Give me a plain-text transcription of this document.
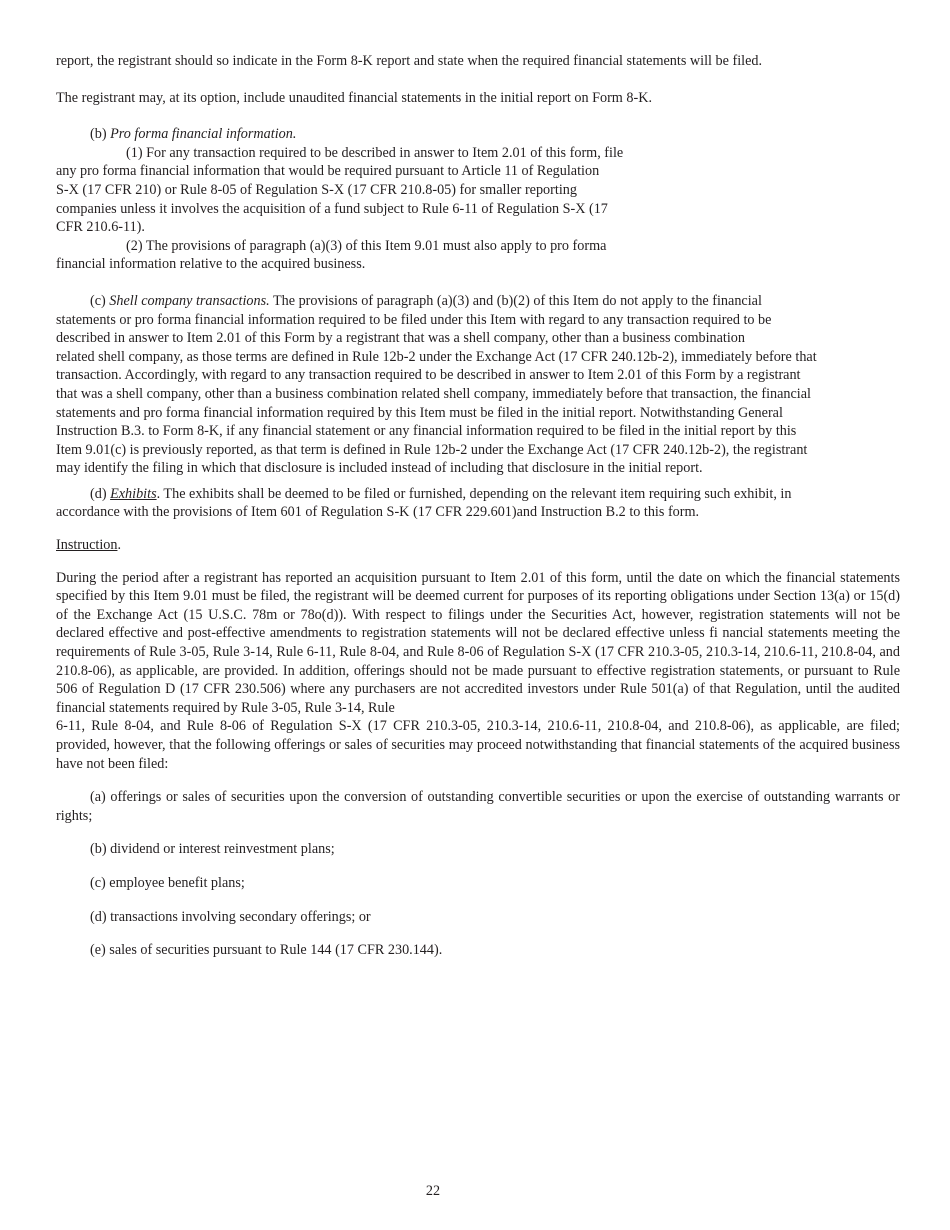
report, the registrant should so indicate in the Form 8-K report and state when the required financial statements will be filed.

The registrant may, at its option, include unaudited financial statements in the initial report on Form 8-K.

(b) Pro forma financial information.

(1) For any transaction required to be described in answer to Item 2.01 of this form, file

any pro forma financial information that would be required pursuant to Article 11 of Regulation

S-X (17 CFR 210) or Rule 8-05 of Regulation S-X (17 CFR 210.8-05) for smaller reporting

companies unless it involves the acquisition of a fund subject to Rule 6-11 of Regulation S-X (17

CFR 210.6-11).

(2) The provisions of paragraph (a)(3) of this Item 9.01 must also apply to pro forma

financial information relative to the acquired business.

(c) Shell company transactions. The provisions of paragraph (a)(3) and (b)(2) of this Item do not apply to the financial

statements or pro forma financial information required to be filed under this Item with regard to any transaction required to be

described in answer to Item 2.01 of this Form by a registrant that was a shell company, other than a business combination

related shell company, as those terms are defined in Rule 12b-2 under the Exchange Act (17 CFR 240.12b-2), immediately before that

transaction. Accordingly, with regard to any transaction required to be described in answer to Item 2.01 of this Form by a registrant

that was a shell company, other than a business combination related shell company, immediately before that transaction, the financial

statements and pro forma financial information required by this Item must be filed in the initial report. Notwithstanding General

Instruction B.3. to Form 8-K, if any financial statement or any financial information required to be filed in the initial report by this

Item 9.01(c) is previously reported, as that term is defined in Rule 12b-2 under the Exchange Act (17 CFR 240.12b-2), the registrant

may identify the filing in which that disclosure is included instead of including that disclosure in the initial report.

(d) Exhibits. The exhibits shall be deemed to be filed or furnished, depending on the relevant item requiring such exhibit, in

accordance with the provisions of Item 601 of Regulation S-K (17 CFR 229.601)and Instruction B.2 to this form.

Instruction.

During the period after a registrant has reported an acquisition pursuant to Item 2.01 of this form, until the date on which the financial statements specified by this Item 9.01 must be filed, the registrant will be deemed current for purposes of its reporting obligations under Section 13(a) or 15(d) of the Exchange Act (15 U.S.C. 78m or 78o(d)). With respect to filings under the Securities Act, however, registration statements will not be declared effective and post-effective amendments to registration statements will not be declared effective unless fi nancial statements meeting the requirements of Rule 3-05, Rule 3-14, Rule 6-11, Rule 8-04, and Rule 8-06 of Regulation S-X (17 CFR 210.3-05, 210.3-14, 210.6-11, 210.8-04, and 210.8-06), as applicable, are provided. In addition, offerings should not be made pursuant to effective registration statements, or pursuant to Rule 506 of Regulation D (17 CFR 230.506) where any purchasers are not accredited investors under Rule 501(a) of that Regulation, until the audited financial statements required by Rule 3-05, Rule 3-14, Rule

6-11, Rule 8-04, and Rule 8-06 of Regulation S-X (17 CFR 210.3-05, 210.3-14, 210.6-11, 210.8-04, and 210.8-06), as applicable, are filed; provided, however, that the following offerings or sales of securities may proceed notwithstanding that financial statements of the acquired business have not been filed:

(a) offerings or sales of securities upon the conversion of outstanding convertible securities or upon the exercise of outstanding warrants or rights;

(b) dividend or interest reinvestment plans;

(c) employee benefit plans;

(d) transactions involving secondary offerings; or

(e) sales of securities pursuant to Rule 144 (17 CFR 230.144).

22
